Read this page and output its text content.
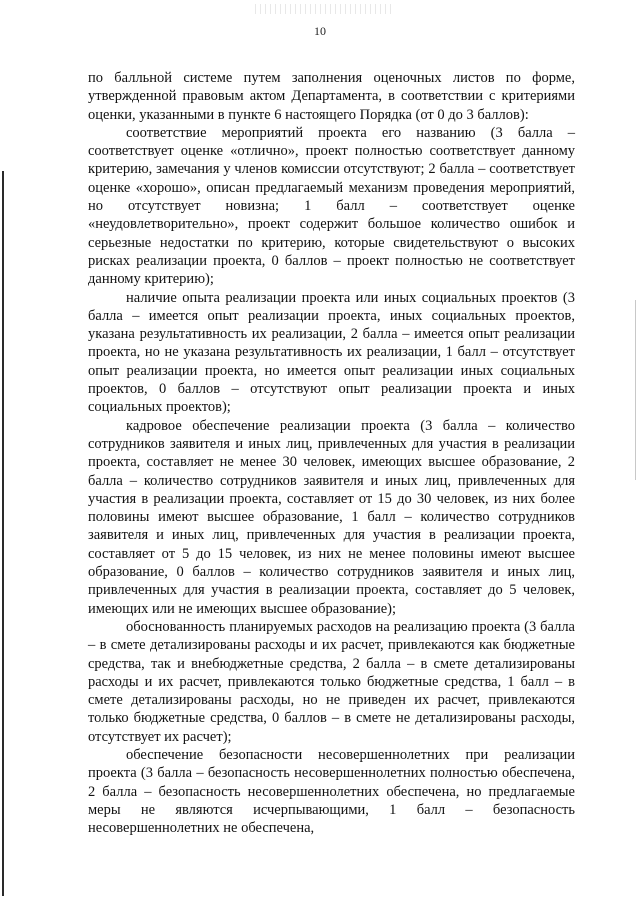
10

по балльной системе путем заполнения оценочных листов по форме, утвержденной правовым актом Департамента, в соответствии с критериями оценки, указанными в пункте 6 настоящего Порядка (от 0 до 3 баллов):

соответствие мероприятий проекта его названию (3 балла – соответствует оценке «отлично», проект полностью соответствует данному критерию, замечания у членов комиссии отсутствуют; 2 балла – соответствует оценке «хорошо», описан предлагаемый механизм проведения мероприятий, но отсутствует новизна; 1 балл – соответствует оценке «неудовлетворительно», проект содержит большое количество ошибок и серьезные недостатки по критерию, которые свидетельствуют о высоких рисках реализации проекта, 0 баллов – проект полностью не соответствует данному критерию);

наличие опыта реализации проекта или иных социальных проектов (3 балла – имеется опыт реализации проекта, иных социальных проектов, указана результативность их реализации, 2 балла – имеется опыт реализации проекта, но не указана результативность их реализации, 1 балл – отсутствует опыт реализации проекта, но имеется опыт реализации иных социальных проектов, 0 баллов – отсутствуют опыт реализации проекта и иных социальных проектов);

кадровое обеспечение реализации проекта (3 балла – количество сотрудников заявителя и иных лиц, привлеченных для участия в реализации проекта, составляет не менее 30 человек, имеющих высшее образование, 2 балла – количество сотрудников заявителя и иных лиц, привлеченных для участия в реализации проекта, составляет от 15 до 30 человек, из них более половины имеют высшее образование, 1 балл – количество сотрудников заявителя и иных лиц, привлеченных для участия в реализации проекта, составляет от 5 до 15 человек, из них не менее половины имеют высшее образование, 0 баллов – количество сотрудников заявителя и иных лиц, привлеченных для участия в реализации проекта, составляет до 5 человек, имеющих или не имеющих высшее образование);

обоснованность планируемых расходов на реализацию проекта (3 балла – в смете детализированы расходы и их расчет, привлекаются как бюджетные средства, так и внебюджетные средства, 2 балла – в смете детализированы расходы и их расчет, привлекаются только бюджетные средства, 1 балл – в смете детализированы расходы, но не приведен их расчет, привлекаются только бюджетные средства, 0 баллов – в смете не детализированы расходы, отсутствует их расчет);

обеспечение безопасности несовершеннолетних при реализации проекта (3 балла – безопасность несовершеннолетних полностью обеспечена, 2 балла – безопасность несовершеннолетних обеспечена, но предлагаемые меры не являются исчерпывающими, 1 балл – безопасность несовершеннолетних не обеспечена,
